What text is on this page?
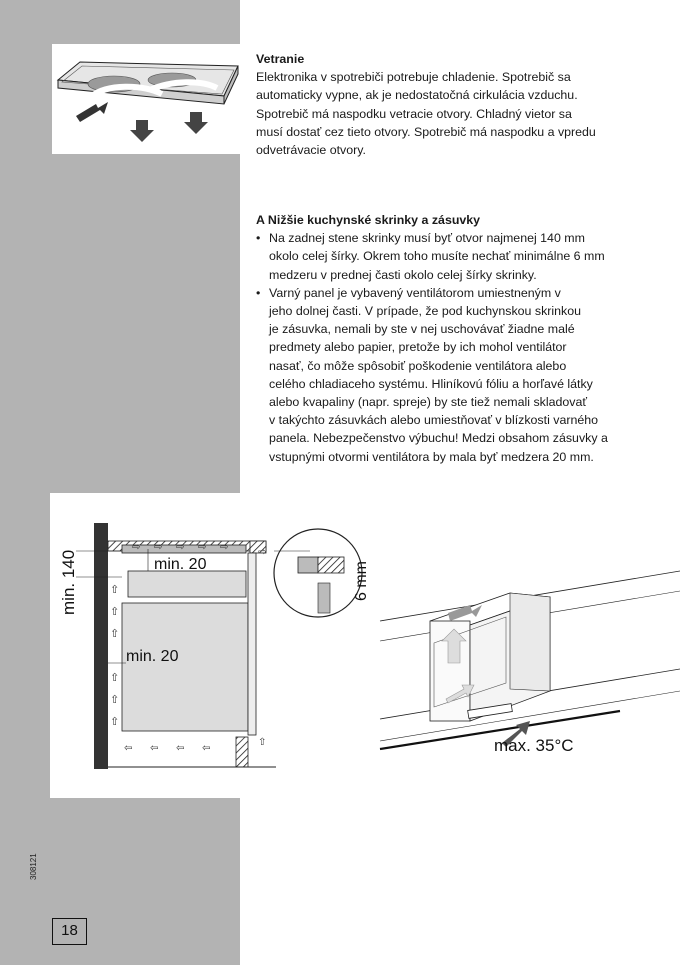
Vetranie
Elektronika v spotrebiči potrebuje chladenie. Spotrebič sa
automaticky vypne, ak je nedostatočná cirkulácia vzduchu.
Spotrebič má naspodku vetracie otvory. Chladný vietor sa
musí dostať cez tieto otvory. Spotrebič má naspodku a vpredu
odvetrávacie otvory.
A Nižšie kuchynské skrinky a zásuvky
• Na zadnej stene skrinky musí byť otvor najmenej 140 mm
okolo celej šírky. Okrem toho musíte nechať minimálne 6 mm
medzeru v prednej časti okolo celej šírky skrinky.
• Varný panel je vybavený ventilátorom umiestneným v
jeho dolnej časti. V prípade, že pod kuchynskou skrinkou
je zásuvka, nemali by ste v nej uschovávať žiadne malé
predmety alebo papier, pretože by ich mohol ventilátor
nasať, čo môže spôsobiť poškodenie ventilátora alebo
celého chladiaceho systému. Hliníkovú fóliu a horľavé látky
alebo kvapaliny (napr. spreje) by ste tiež nemali skladovať
v takýchto zásuvkách alebo umiestňovať v blízkosti varného
panela. Nebezpečenstvo výbuchu! Medzi obsahom zásuvky a
vstupnými otvormi ventilátora by mala byť medzera 20 mm.
⇨ ⇨ ⇨ ⇨ ⇨
⇧
⇧
⇧
⇧
⇧
⇧
⇦ ⇦ ⇦ ⇦
⇧
⇨
min. 140	min. 20
min. 20
6 mm
max. 35°C
308121
18
